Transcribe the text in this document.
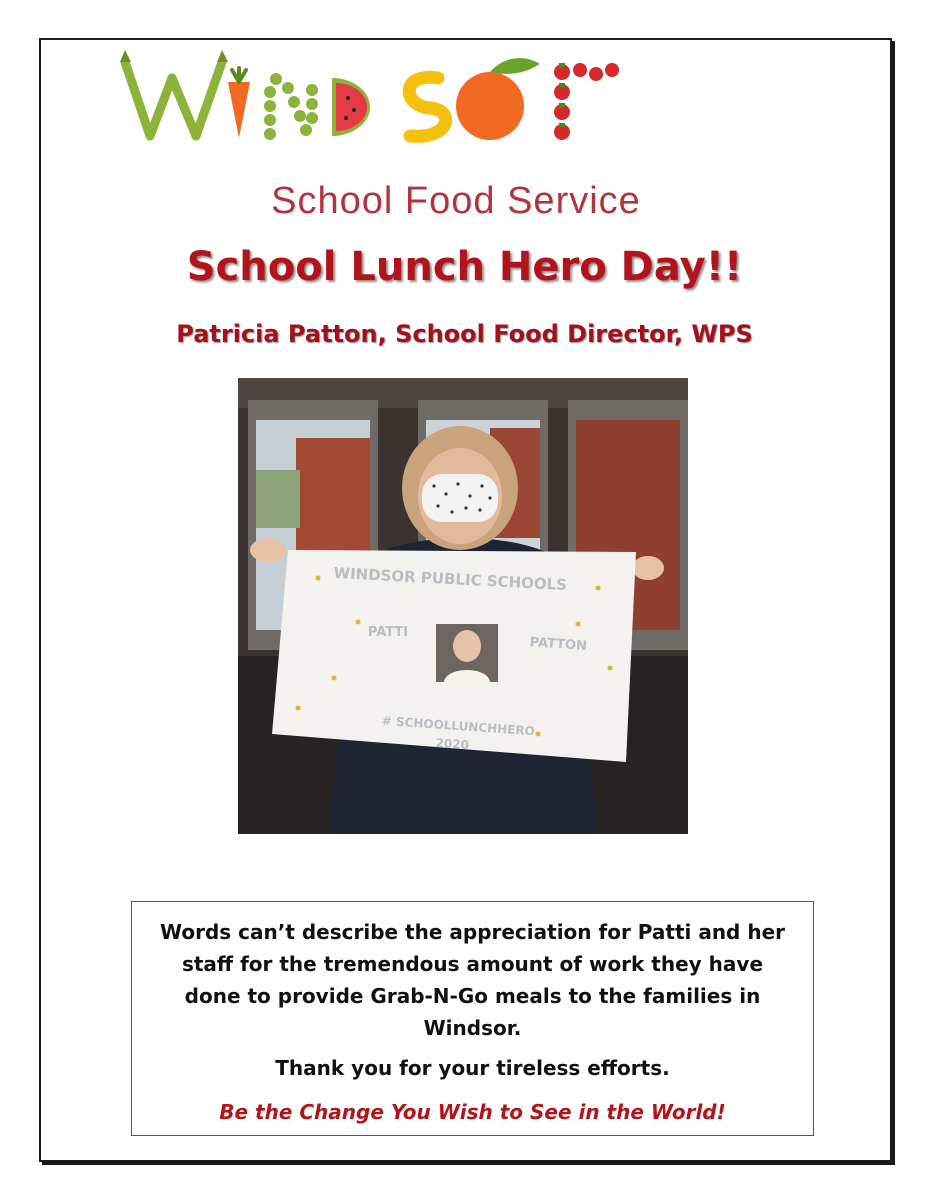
School Food Service
School Lunch Hero Day!!
Patricia Patton, School Food Director, WPS
WINDSOR PUBLIC SCHOOLS
PATTI
PATTON
# SCHOOLLUNCHHERO
2020

Words can’t describe the appreciation for Patti and her staff for the tremendous amount of work they have done to provide Grab-N-Go meals to the families in Windsor.

Thank you for your tireless efforts.

Be the Change You Wish to See in the World!
